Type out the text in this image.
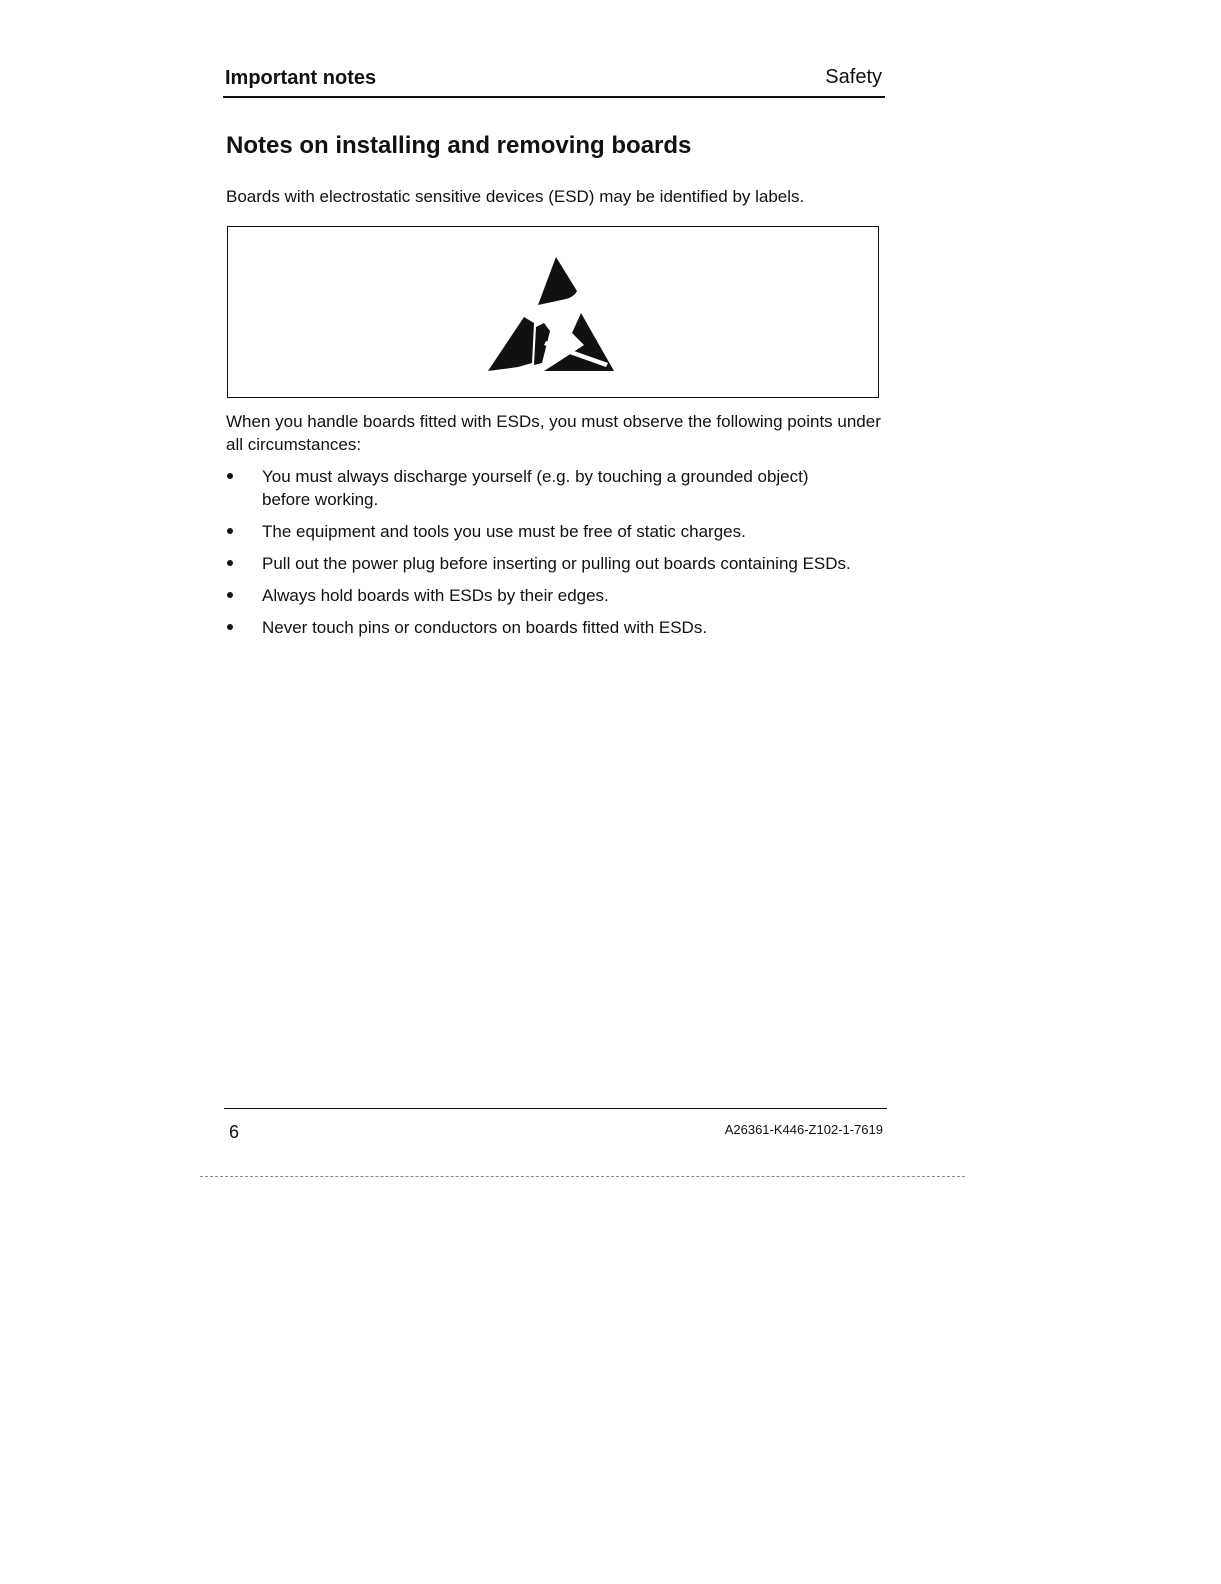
Important notes	Safety
Notes on installing and removing boards
Boards with electrostatic sensitive devices (ESD) may be identified by labels.
When you handle boards fitted with ESDs, you must observe the following points under all circumstances:
You must always discharge yourself (e.g. by touching a grounded object) before working.
The equipment and tools you use must be free of static charges.
Pull out the power plug before inserting or pulling out boards containing ESDs.
Always hold boards with ESDs by their edges.
Never touch pins or conductors on boards fitted with ESDs.
6	A26361-K446-Z102-1-7619
